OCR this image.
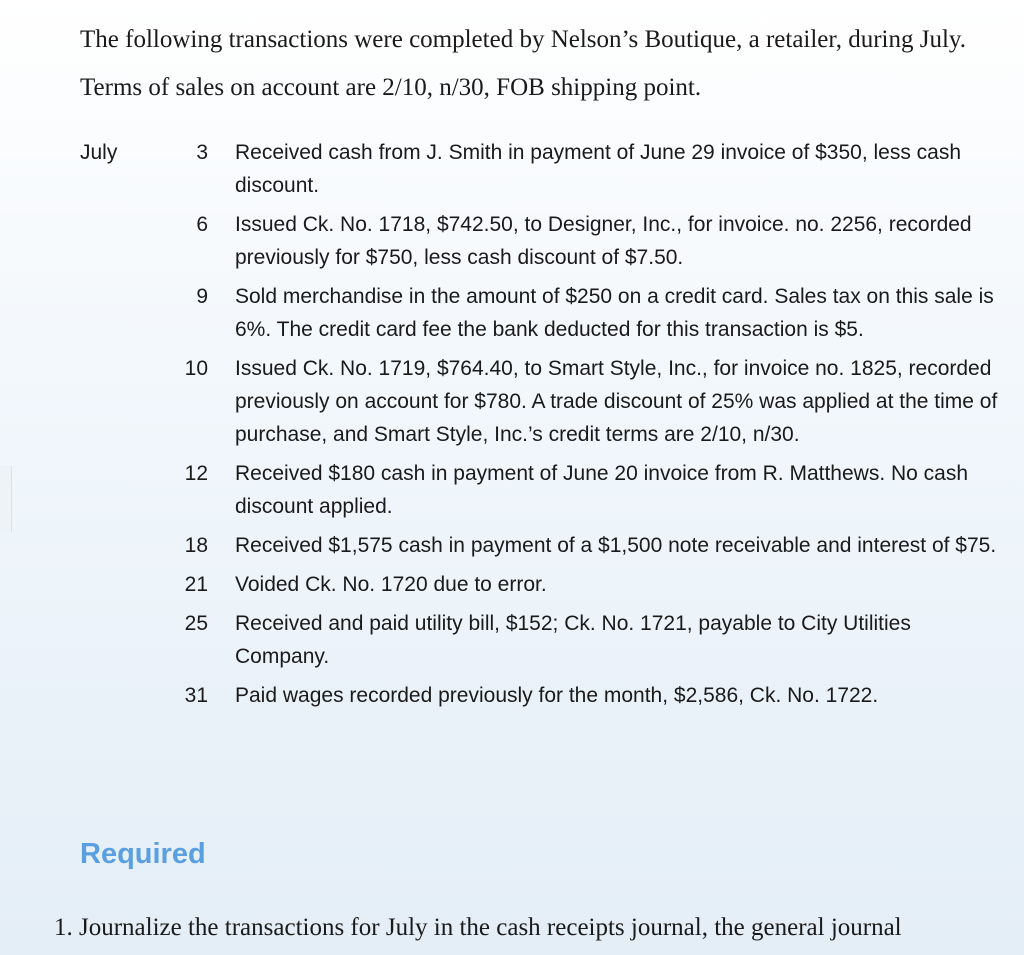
The following transactions were completed by Nelson’s Boutique, a retailer, during July. Terms of sales on account are 2/10, n/30, FOB shipping point.

July	3		Received cash from J. Smith in payment of June 29 invoice of $350, less cash discount.
	6		Issued Ck. No. 1718, $742.50, to Designer, Inc., for invoice. no. 2256, recorded previously for $750, less cash discount of $7.50.
	9		Sold merchandise in the amount of $250 on a credit card. Sales tax on this sale is 6%. The credit card fee the bank deducted for this transaction is $5.
	10		Issued Ck. No. 1719, $764.40, to Smart Style, Inc., for invoice no. 1825, recorded previously on account for $780. A trade discount of 25% was applied at the time of purchase, and Smart Style, Inc.’s credit terms are 2/10, n/30.
	12		Received $180 cash in payment of June 20 invoice from R. Matthews. No cash discount applied.
	18		Received $1,575 cash in payment of a $1,500 note receivable and interest of $75.
	21		Voided Ck. No. 1720 due to error.
	25		Received and paid utility bill, $152; Ck. No. 1721, payable to City Utilities Company.
	31		Paid wages recorded previously for the month, $2,586, Ck. No. 1722.
Required

1. Journalize the transactions for July in the cash receipts journal, the general journal
